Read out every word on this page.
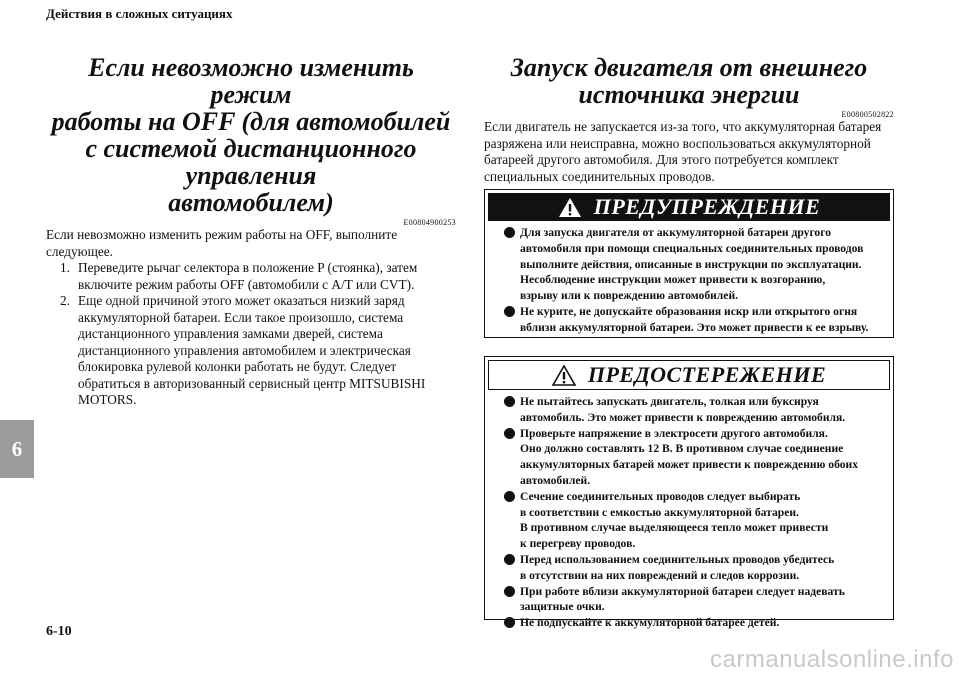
Действия в сложных ситуациях
6
Если невозможно изменить режим
работы на OFF (для автомобилей
с системой дистанционного управления
автомобилем)
E00804900253

Если невозможно изменить режим работы на OFF, выполните
следующее.

1. Переведите рычаг селектора в положение P (стоянка), затем
включите режим работы OFF (автомобили с A/T или CVT).
2. Еще одной причиной этого может оказаться низкий заряд
аккумуляторной батареи. Если такое произошло, система
дистанционного управления замками дверей, система
дистанционного управления автомобилем и электрическая
блокировка рулевой колонки работать не будут. Следует
обратиться в авторизованный сервисный центр MITSUBISHI
MOTORS.
Запуск двигателя от внешнего
источника энергии
E00800502822

Если двигатель не запускается из-за того, что аккумуляторная батарея
разряжена или неисправна, можно воспользоваться аккумуляторной
батареей другого автомобиля. Для этого потребуется комплект
специальных соединительных проводов.

ПРЕДУПРЕЖДЕНИЕ
Для запуска двигателя от аккумуляторной батареи другого
автомобиля при помощи специальных соединительных проводов
выполните действия, описанные в инструкции по эксплуатации.
Несоблюдение инструкции может привести к возгоранию,
взрыву или к повреждению автомобилей.
Не курите, не допускайте образования искр или открытого огня
вблизи аккумуляторной батареи. Это может привести к ее взрыву.
ПРЕДОСТЕРЕЖЕНИЕ
Не пытайтесь запускать двигатель, толкая или буксируя
автомобиль. Это может привести к повреждению автомобиля.
Проверьте напряжение в электросети другого автомобиля.
Оно должно составлять 12 В. В противном случае соединение
аккумуляторных батарей может привести к повреждению обоих
автомобилей.
Сечение соединительных проводов следует выбирать
в соответствии с емкостью аккумуляторной батареи.
В противном случае выделяющееся тепло может привести
к перегреву проводов.
Перед использованием соединительных проводов убедитесь
в отсутствии на них повреждений и следов коррозии.
При работе вблизи аккумуляторной батареи следует надевать
защитные очки.
Не подпускайте к аккумуляторной батарее детей.
6-10
carmanualsonline.info
